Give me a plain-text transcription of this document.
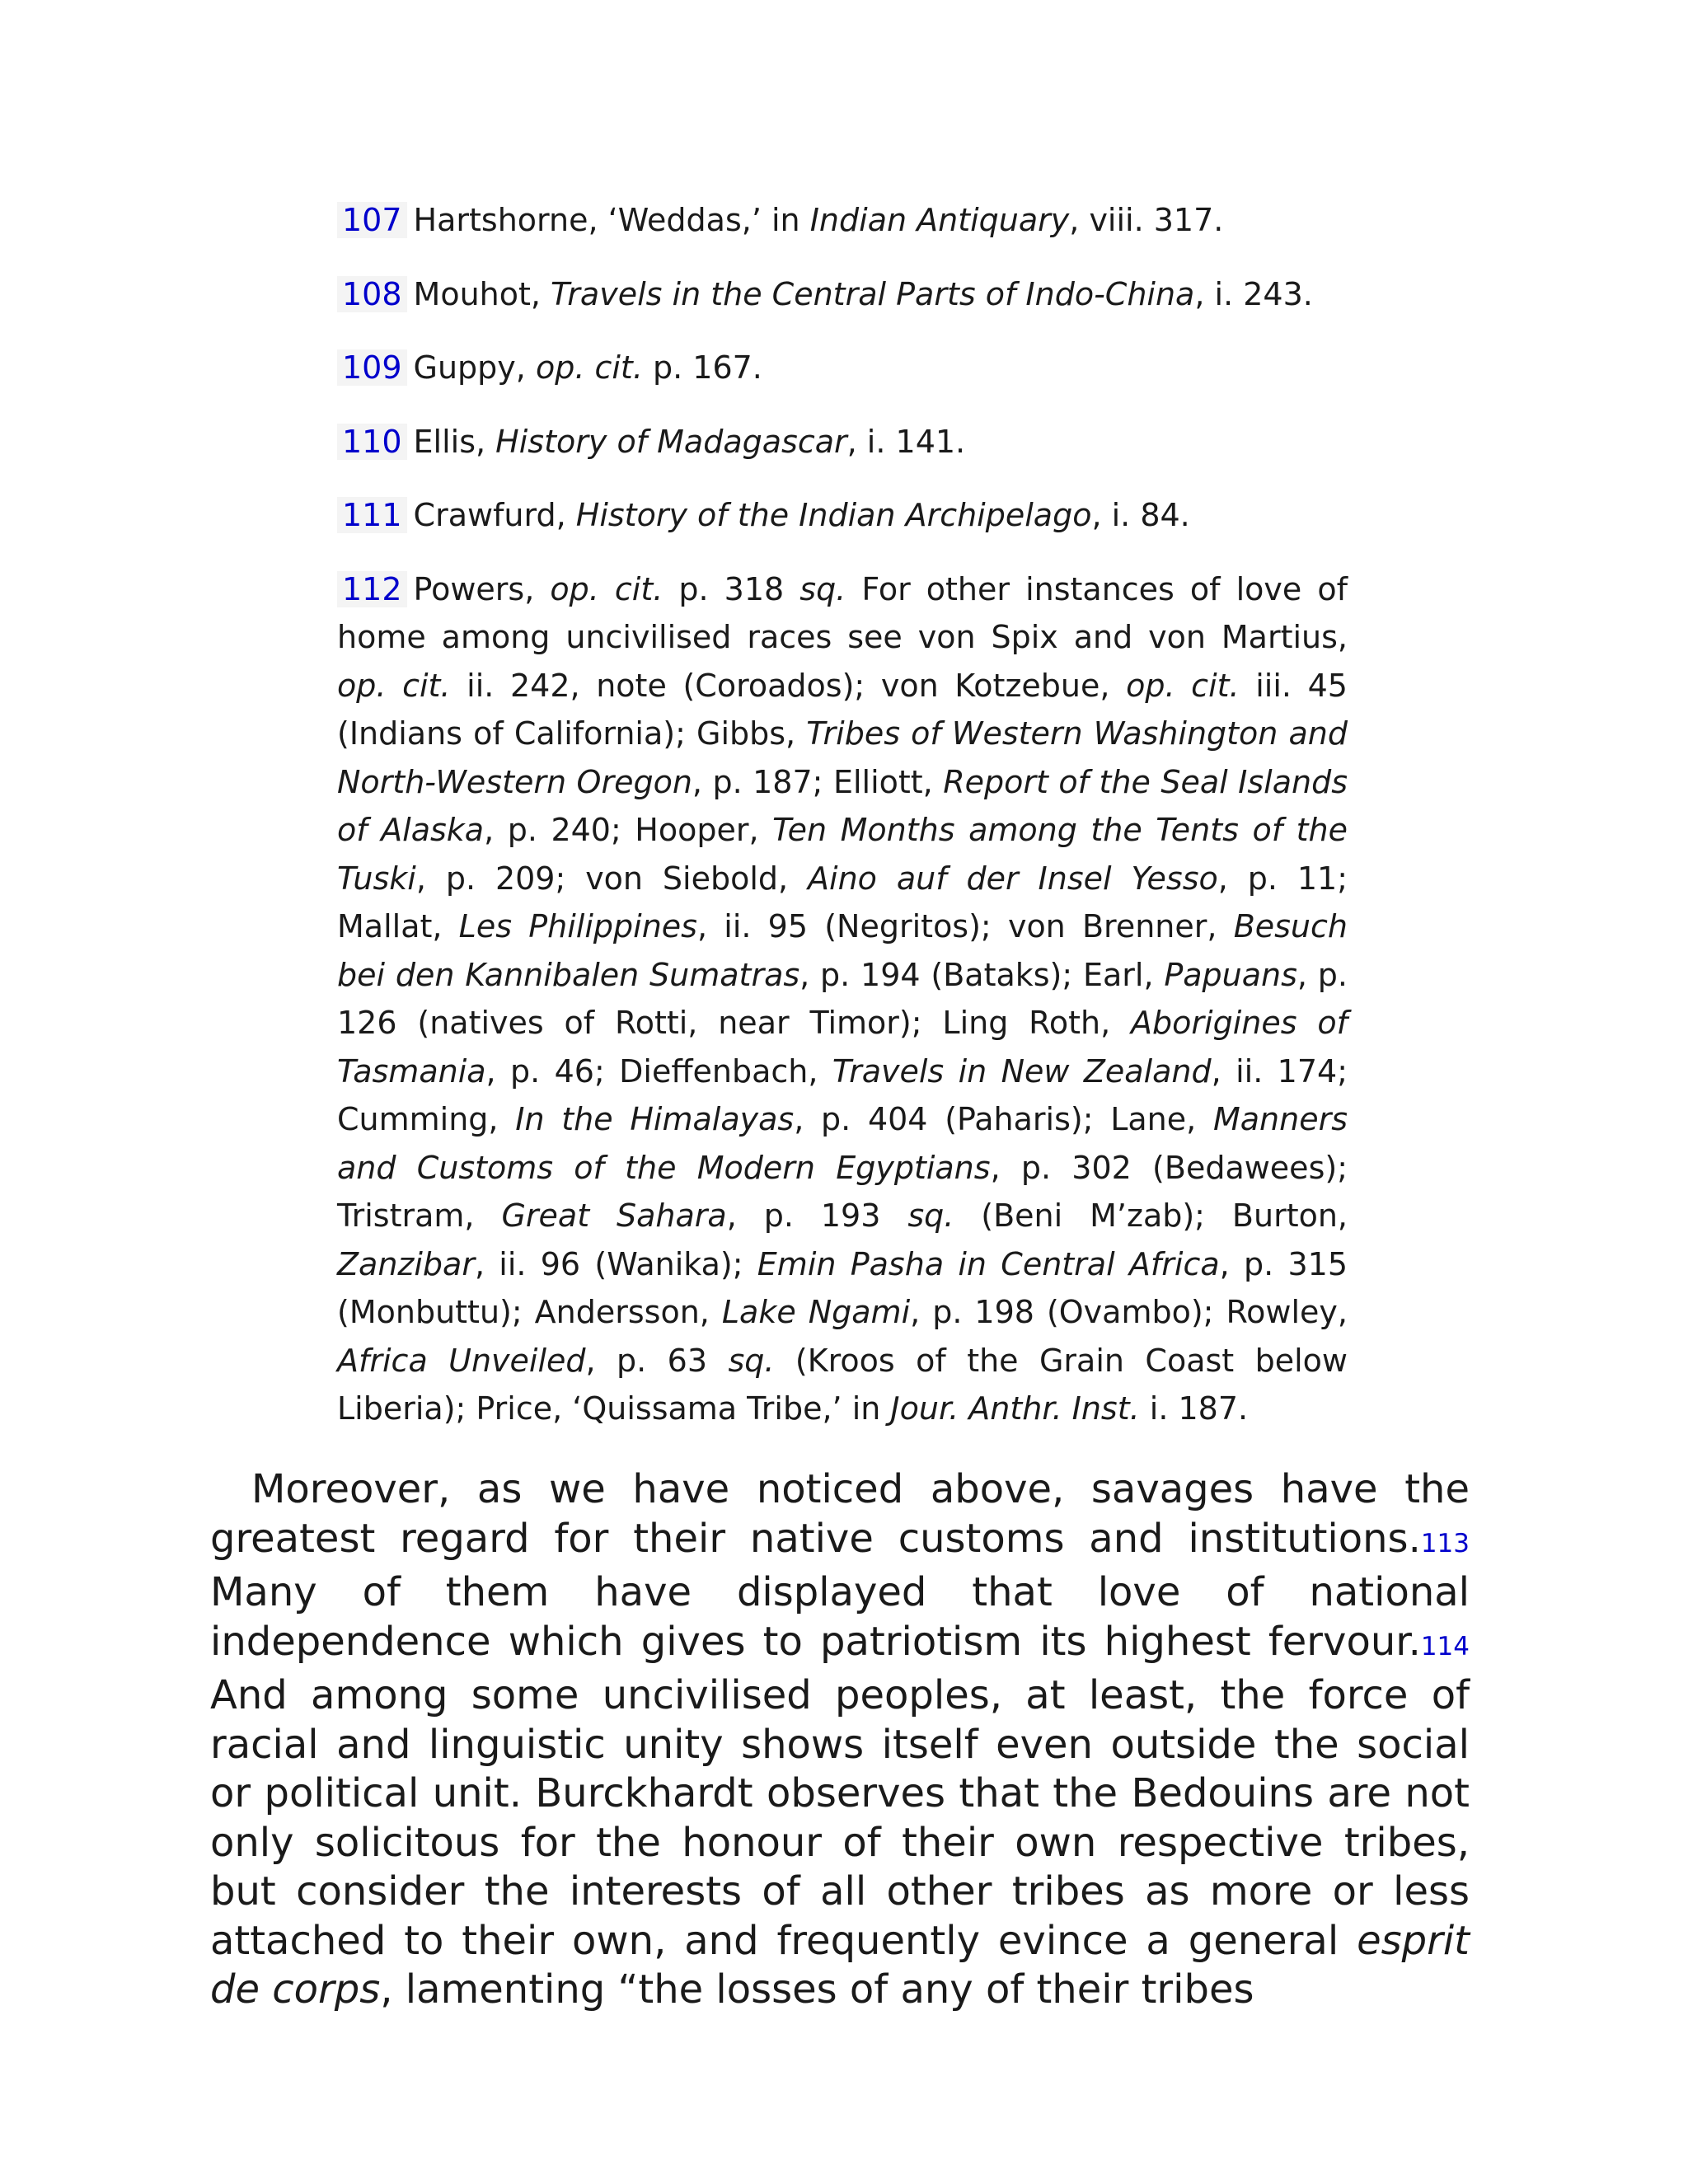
107 Hartshorne, ‘Weddas,’ in Indian Antiquary, viii. 317.

108 Mouhot, Travels in the Central Parts of Indo-China, i. 243.

109 Guppy, op. cit. p. 167.

110 Ellis, History of Madagascar, i. 141.

111 Crawfurd, History of the Indian Archipelago, i. 84.

112 Powers, op. cit. p. 318 sq. For other instances of love of home among uncivilised races see von Spix and von Martius, op. cit. ii. 242, note (Coroados); von Kotzebue, op. cit. iii. 45 (Indians of California); Gibbs, Tribes of Western Washington and North-Western Oregon, p. 187; Elliott, Report of the Seal Islands of Alaska, p. 240; Hooper, Ten Months among the Tents of the Tuski, p. 209; von Siebold, Aino auf der Insel Yesso, p. 11; Mallat, Les Philippines, ii. 95 (Negritos); von Brenner, Besuch bei den Kannibalen Sumatras, p. 194 (Bataks); Earl, Papuans, p. 126 (natives of Rotti, near Timor); Ling Roth, Aborigines of Tasmania, p. 46; Dieffenbach, Travels in New Zealand, ii. 174; Cumming, In the Himalayas, p. 404 (Paharis); Lane, Manners and Customs of the Modern Egyptians, p. 302 (Bedawees); Tristram, Great Sahara, p. 193 sq. (Beni M’zab); Burton, Zanzibar, ii. 96 (Wanika); Emin Pasha in Central Africa, p. 315 (Monbuttu); Andersson, Lake Ngami, p. 198 (Ovambo); Rowley, Africa Unveiled, p. 63 sq. (Kroos of the Grain Coast below Liberia); Price, ‘Quissama Tribe,’ in Jour. Anthr. Inst. i. 187.

Moreover, as we have noticed above, savages have the greatest regard for their native customs and institutions.113 Many of them have displayed that love of national independence which gives to patriotism its highest fervour.114 And among some uncivilised peoples, at least, the force of racial and linguistic unity shows itself even outside the social or political unit. Burckhardt observes that the Bedouins are not only solicitous for the honour of their own respective tribes, but consider the interests of all other tribes as more or less attached to their own, and frequently evince a general esprit de corps, lamenting “the losses of any of their tribes
